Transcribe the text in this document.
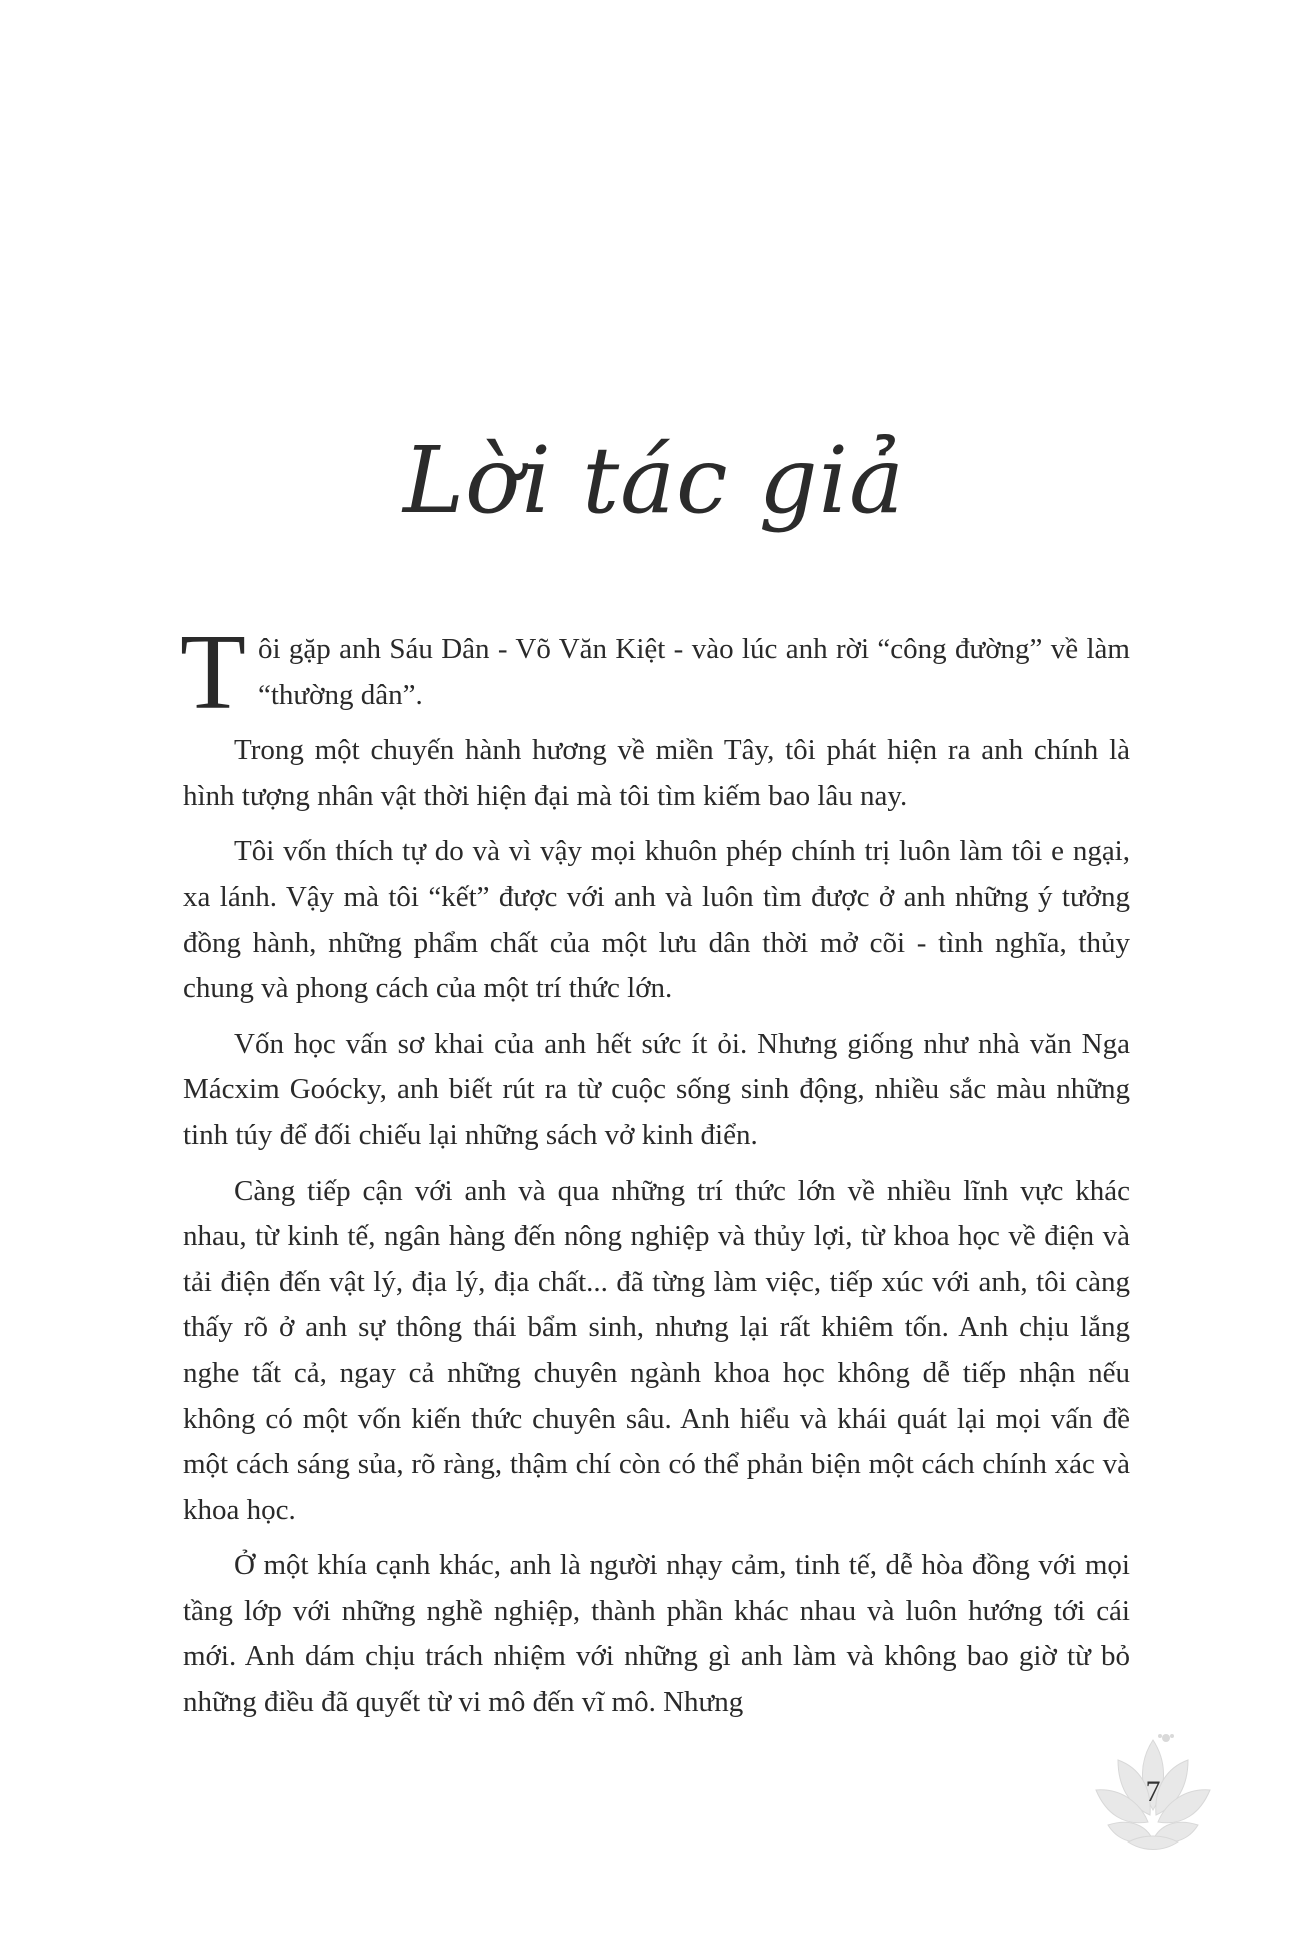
Lời tác giả

Tôi gặp anh Sáu Dân - Võ Văn Kiệt - vào lúc anh rời “công đường” về làm “thường dân”.

Trong một chuyến hành hương về miền Tây, tôi phát hiện ra anh chính là hình tượng nhân vật thời hiện đại mà tôi tìm kiếm bao lâu nay.

Tôi vốn thích tự do và vì vậy mọi khuôn phép chính trị luôn làm tôi e ngại, xa lánh. Vậy mà tôi “kết” được với anh và luôn tìm được ở anh những ý tưởng đồng hành, những phẩm chất của một lưu dân thời mở cõi - tình nghĩa, thủy chung và phong cách của một trí thức lớn.

Vốn học vấn sơ khai của anh hết sức ít ỏi. Nhưng giống như nhà văn Nga Mácxim Goócky, anh biết rút ra từ cuộc sống sinh động, nhiều sắc màu những tinh túy để đối chiếu lại những sách vở kinh điển.

Càng tiếp cận với anh và qua những trí thức lớn về nhiều lĩnh vực khác nhau, từ kinh tế, ngân hàng đến nông nghiệp và thủy lợi, từ khoa học về điện và tải điện đến vật lý, địa lý, địa chất... đã từng làm việc, tiếp xúc với anh, tôi càng thấy rõ ở anh sự thông thái bẩm sinh, nhưng lại rất khiêm tốn. Anh chịu lắng nghe tất cả, ngay cả những chuyên ngành khoa học không dễ tiếp nhận nếu không có một vốn kiến thức chuyên sâu. Anh hiểu và khái quát lại mọi vấn đề một cách sáng sủa, rõ ràng, thậm chí còn có thể phản biện một cách chính xác và khoa học.

Ở một khía cạnh khác, anh là người nhạy cảm, tinh tế, dễ hòa đồng với mọi tầng lớp với những nghề nghiệp, thành phần khác nhau và luôn hướng tới cái mới. Anh dám chịu trách nhiệm với những gì anh làm và không bao giờ từ bỏ những điều đã quyết từ vi mô đến vĩ mô. Nhưng

7
